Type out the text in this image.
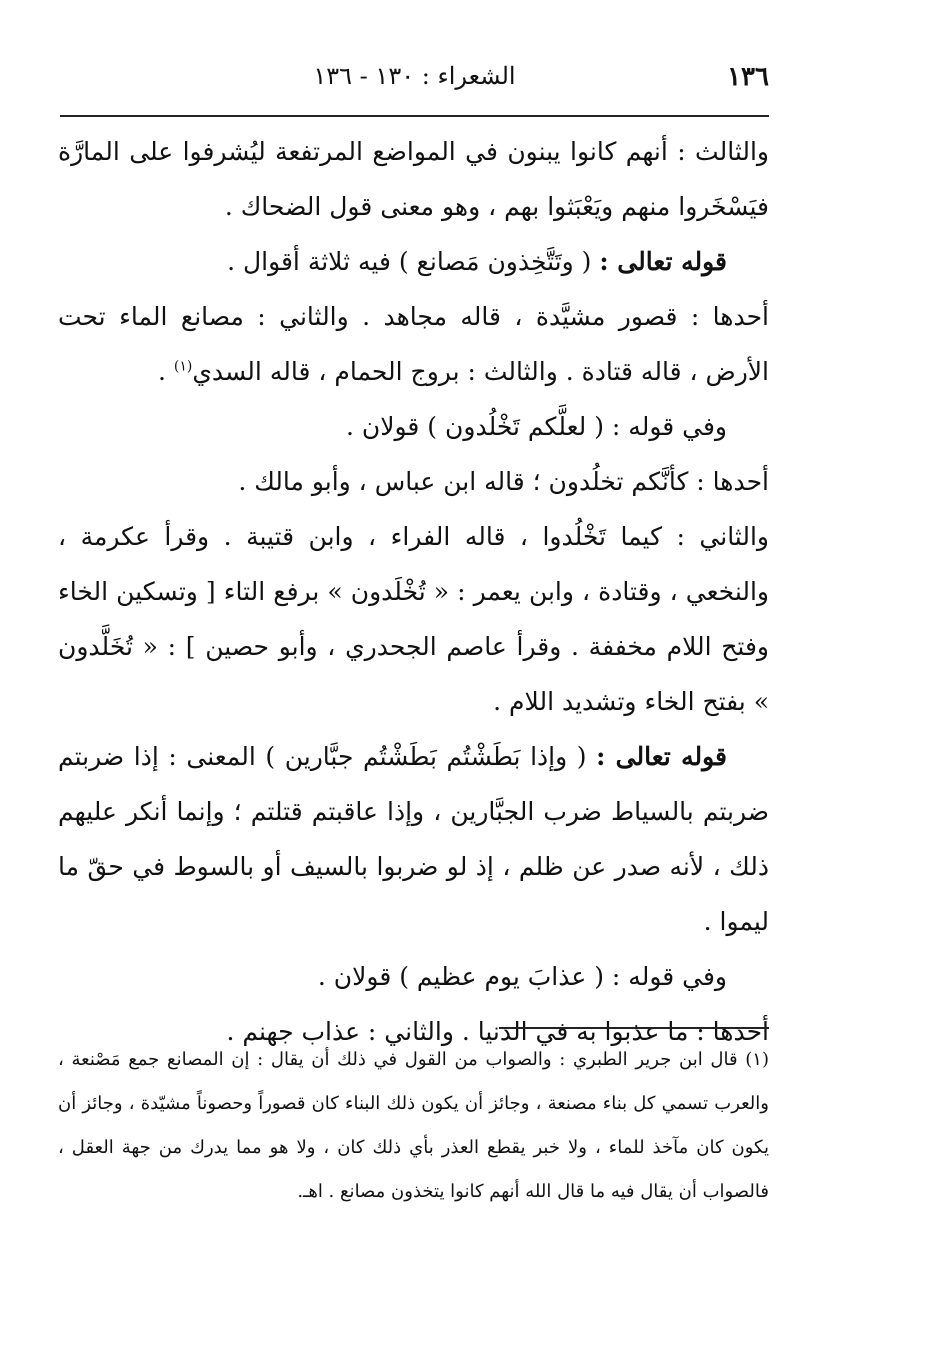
١٣٦
الشعراء : ١٣٠ - ١٣٦

والثالث : أنهم كانوا يبنون في المواضع المرتفعة ليُشرفوا على المارَّة فيَسْخَروا منهم ويَعْبَثوا بهم ، وهو معنى قول الضحاك .

قوله تعالى : ( وتَتَّخِذون مَصانع ) فيه ثلاثة أقوال .

أحدها : قصور مشيَّدة ، قاله مجاهد . والثاني : مصانع الماء تحت الأرض ، قاله قتادة . والثالث : بروج الحمام ، قاله السدي$^{(١)}$ .

وفي قوله : ( لعلَّكم تَخْلُدون ) قولان .

أحدها : كأنَّكم تخلُدون ؛ قاله ابن عباس ، وأبو مالك .

والثاني : كيما تَخْلُدوا ، قاله الفراء ، وابن قتيبة . وقرأ عكرمة ، والنخعي ، وقتادة ، وابن يعمر : « تُخْلَدون » برفع التاء [ وتسكين الخاء وفتح اللام مخففة . وقرأ عاصم الجحدري ، وأبو حصين ] : « تُخَلَّدون » بفتح الخاء وتشديد اللام .

قوله تعالى : ( وإذا بَطَشْتُم بَطَشْتُم جبَّارين ) المعنى : إذا ضربتم ضربتم بالسياط ضرب الجبَّارين ، وإذا عاقبتم قتلتم ؛ وإنما أنكر عليهم ذلك ، لأنه صدر عن ظلم ، إذ لو ضربوا بالسيف أو بالسوط في حقّ ما ليموا .

وفي قوله : ( عذابَ يوم عظيم ) قولان .

أحدها : ما عذبوا به في الدنيا . والثاني : عذاب جهنم .

(١) قال ابن جرير الطبري : والصواب من القول في ذلك أن يقال : إن المصانع جمع مَصْنعة ، والعرب تسمي كل بناء مصنعة ، وجائز أن يكون ذلك البناء كان قصوراً وحصوناً مشيّدة ، وجائز أن يكون كان مآخذ للماء ، ولا خبر يقطع العذر بأي ذلك كان ، ولا هو مما يدرك من جهة العقل ، فالصواب أن يقال فيه ما قال الله أنهم كانوا يتخذون مصانع . اهـ.
